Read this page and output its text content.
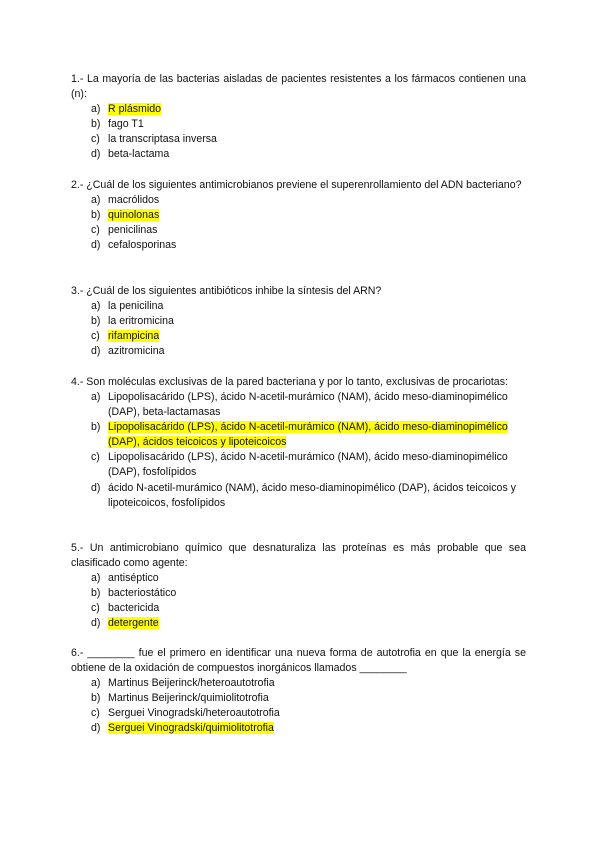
1.- La mayoría de las bacterias aisladas de pacientes resistentes a los fármacos contienen una (n):

a) R plásmido
b) fago T1
c) la transcriptasa inversa
d) beta-lactama

2.- ¿Cuál de los siguientes antimicrobianos previene el superenrollamiento del ADN bacteriano?

a) macrólidos
b) quinolonas
c) penicilinas
d) cefalosporinas

3.- ¿Cuál de los siguientes antibióticos inhibe la síntesis del ARN?

a) la penicilina
b) la eritromicina
c) rifampicina
d) azitromicina

4.- Son moléculas exclusivas de la pared bacteriana y por lo tanto, exclusivas de procariotas:

a) Lipopolisacárido (LPS), ácido N-acetil-murámico (NAM), ácido meso-diaminopimélico (DAP), beta-lactamasas
b) Lipopolisacárido (LPS), ácido N-acetil-murámico (NAM), ácido meso-diaminopimélico (DAP), ácidos teicoicos y lipoteicoicos
c) Lipopolisacárido (LPS), ácido N-acetil-murámico (NAM), ácido meso-diaminopimélico (DAP), fosfolípidos
d) ácido N-acetil-murámico (NAM), ácido meso-diaminopimélico (DAP), ácidos teicoicos y lipoteicoicos, fosfolípidos

5.- Un antimicrobiano químico que desnaturaliza las proteínas es más probable que sea clasificado como agente:

a) antiséptico
b) bacteriostático
c) bactericida
d) detergente

6.- ________ fue el primero en identificar una nueva forma de autotrofia en que la energía se obtiene de la oxidación de compuestos inorgánicos llamados ________

a) Martinus Beijerinck/heteroautotrofia
b) Martinus Beijerinck/quimiolitotrofia
c) Serguei Vinogradski/heteroautotrofia
d) Serguei Vinogradski/quimiolitotrofia
